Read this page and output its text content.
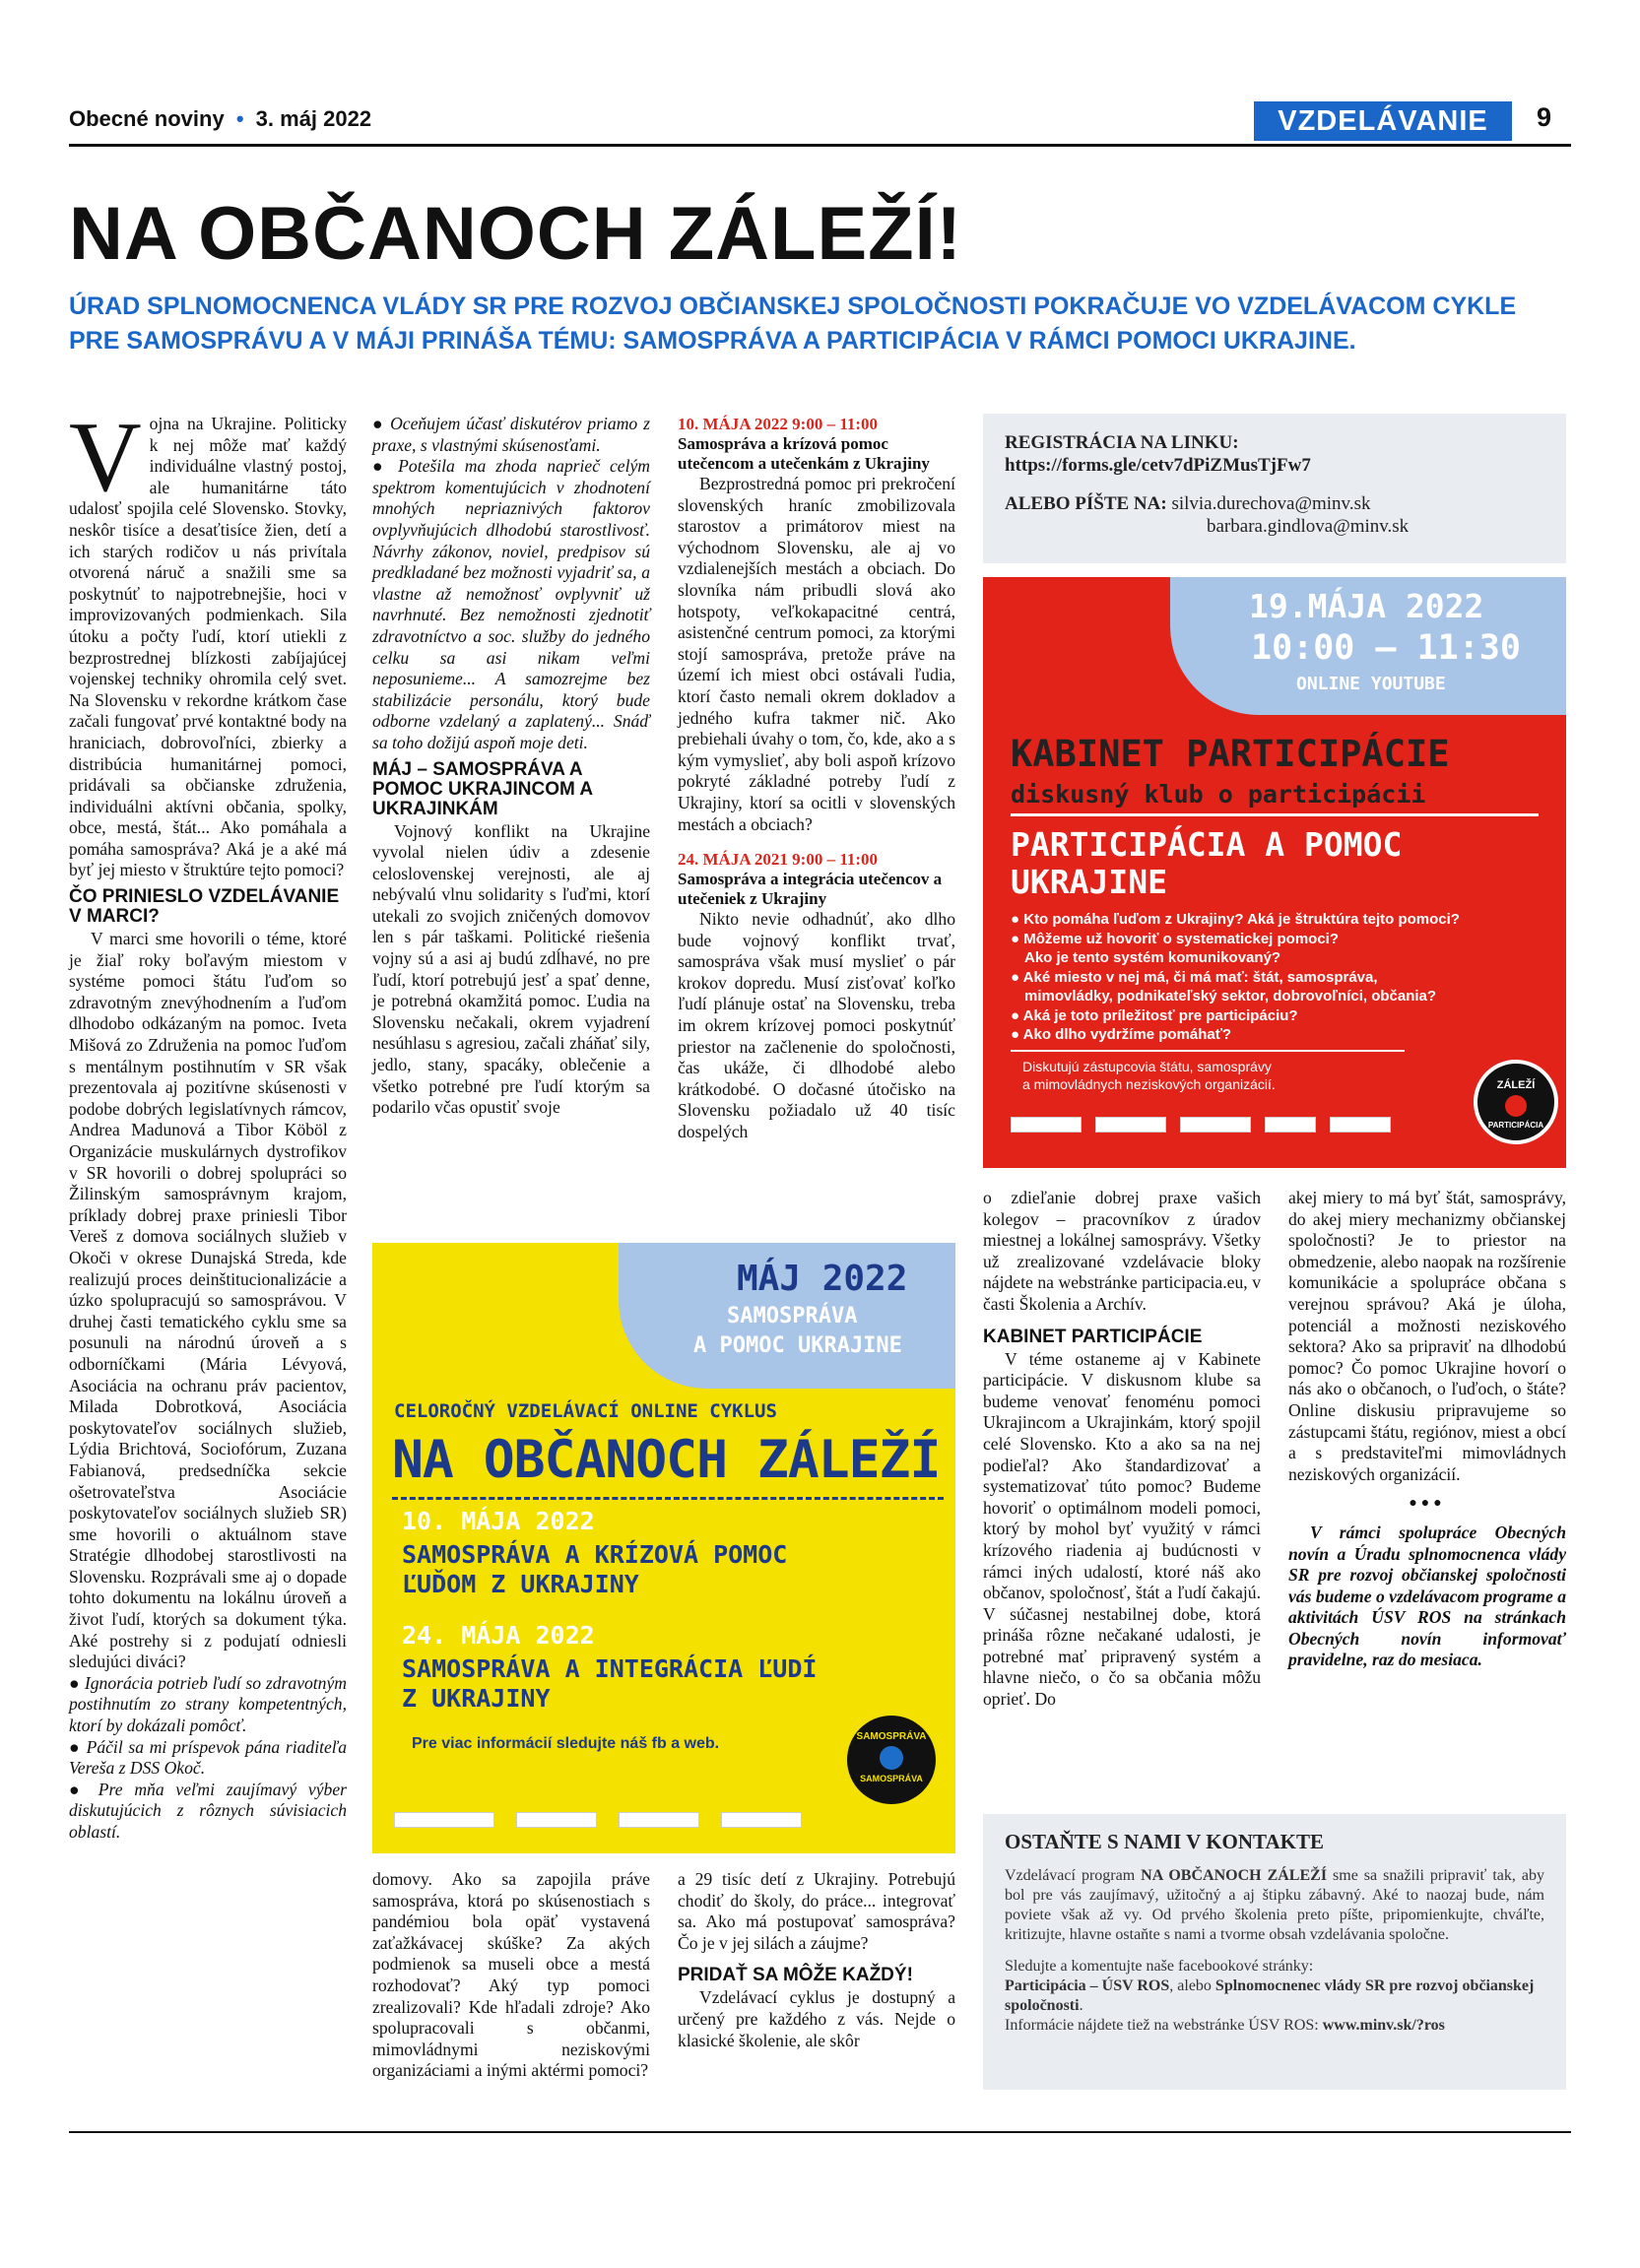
Obecné noviny • 3. máj 2022	VZDELÁVANIE	9
NA OBČANOCH ZÁLEŽÍ!
ÚRAD SPLNOMOCNENCA VLÁDY SR PRE ROZVOJ OBČIANSKEJ SPOLOČNOSTI POKRAČUJE VO VZDELÁVACOM CYKLE PRE SAMOSPRÁVU A V MÁJI PRINÁŠA TÉMU: SAMOSPRÁVA A PARTICIPÁCIA V RÁMCI POMOCI UKRAJINE.
V ojna na Ukrajine. Politicky k nej môže mať každý individuálne vlastný postoj, ale humanitárne táto udalosť spojila celé Slovensko. Stovky, neskôr tisíce a desaťtisíce žien, detí a ich starých rodičov u nás privítala otvorená náruč a snažili sme sa poskytnúť to najpotrebnejšie, hoci v improvizovaných podmienkach. Sila útoku a počty ľudí, ktorí utiekli z bezprostrednej blízkosti zabíjajúcej vojenskej techniky ohromila celý svet. Na Slovensku v rekordne krátkom čase začali fungovať prvé kontaktné body na hraniciach, dobrovoľníci, zbierky a distribúcia humanitárnej pomoci, pridávali sa občianske združenia, individuálni aktívni občania, spolky, obce, mestá, štát... Ako pomáhala a pomáha samospráva? Aká je a aké má byť jej miesto v štruktúre tejto pomoci?

ČO PRINIESLO VZDELÁVANIE V MARCI?

V marci sme hovorili o téme, ktoré je žiaľ roky boľavým miestom v systéme pomoci štátu ľuďom so zdravotným znevýhodnením a ľuďom dlhodobo odkázaným na pomoc. Iveta Mišová zo Združenia na pomoc ľuďom s mentálnym postihnutím v SR však prezentovala aj pozitívne skúsenosti v podobe dobrých legislatívnych rámcov, Andrea Madunová a Tibor Köböl z Organizácie muskulárnych dystrofikov v SR hovorili o dobrej spolupráci so Žilinským samosprávnym krajom, príklady dobrej praxe priniesli Tibor Vereš z domova sociálnych služieb v Okoči v okrese Dunajská Streda, kde realizujú proces deinštitucionalizácie a úzko spolupracujú so samosprávou. V druhej časti tematického cyklu sme sa posunuli na národnú úroveň a s odborníčkami (Mária Lévyová, Asociácia na ochranu práv pacientov, Milada Dobrotková, Asociácia poskytovateľov sociálnych služieb, Lýdia Brichtová, Sociofórum, Zuzana Fabianová, predsedníčka sekcie ošetrovateľstva Asociácie poskytovateľov sociálnych služieb SR) sme hovorili o aktuálnom stave Stratégie dlhodobej starostlivosti na Slovensku. Rozprávali sme aj o dopade tohto dokumentu na lokálnu úroveň a život ľudí, ktorých sa dokument týka. Aké postrehy si z podujatí odniesli sledujúci diváci?

● Ignorácia potrieb ľudí so zdravotným postihnutím zo strany kompetentných, ktorí by dokázali pomôcť.

● Páčil sa mi príspevok pána riaditeľa Vereša z DSS Okoč.

● Pre mňa veľmi zaujímavý výber diskutujúcich z rôznych súvisiacich oblastí.

● Oceňujem účasť diskutérov priamo z praxe, s vlastnými skúsenosťami.

● Potešila ma zhoda naprieč celým spektrom komentujúcich v zhodnotení mnohých nepriaznivých faktorov ovplyvňujúcich dlhodobú starostlivosť. Návrhy zákonov, noviel, predpisov sú predkladané bez možnosti vyjadriť sa, a vlastne až nemožnosť ovplyvniť už navrhnuté. Bez nemožnosti zjednotiť zdravotníctvo a soc. služby do jedného celku sa asi nikam veľmi neposunieme... A samozrejme bez stabilizácie personálu, ktorý bude odborne vzdelaný a zaplatený... Snáď sa toho dožijú aspoň moje deti.

MÁJ – SAMOSPRÁVA A POMOC UKRAJINCOM A UKRAJINKÁM

Vojnový konflikt na Ukrajine vyvolal nielen údiv a zdesenie celoslovenskej verejnosti, ale aj nebývalú vlnu solidarity s ľuďmi, ktorí utekali zo svojich zničených domovov len s pár taškami. Politické riešenia vojny sú a asi aj budú zdĺhavé, no pre ľudí, ktorí potrebujú jesť a spať denne, je potrebná okamžitá pomoc. Ľudia na Slovensku nečakali, okrem vyjadrení nesúhlasu s agresiou, začali zháňať sily, jedlo, stany, spacáky, oblečenie a všetko potrebné pre ľudí ktorým sa podarilo včas opustiť svoje

domovy. Ako sa zapojila práve samospráva, ktorá po skúsenostiach s pandémiou bola opäť vystavená zaťažkávacej skúške? Za akých podmienok sa museli obce a mestá rozhodovať? Aký typ pomoci zrealizovali? Kde hľadali zdroje? Ako spolupracovali s občanmi, mimovládnymi neziskovými organizáciami a inými aktérmi pomoci?

10. MÁJA 2022 9:00 – 11:00
Samospráva a krízová pomoc utečencom a utečenkám z Ukrajiny

Bezprostredná pomoc pri prekročení slovenských hraníc zmobilizovala starostov a primátorov miest na východnom Slovensku, ale aj vo vzdialenejších mestách a obciach. Do slovníka nám pribudli slová ako hotspoty, veľkokapacitné centrá, asistenčné centrum pomoci, za ktorými stojí samospráva, pretože práve na území ich miest obci ostávali ľudia, ktorí často nemali okrem dokladov a jedného kufra takmer nič. Ako prebiehali úvahy o tom, čo, kde, ako a s kým vymyslieť, aby boli aspoň krízovo pokryté základné potreby ľudí z Ukrajiny, ktorí sa ocitli v slovenských mestách a obciach?

24. MÁJA 2021 9:00 – 11:00
Samospráva a integrácia utečencov a utečeniek z Ukrajiny

Nikto nevie odhadnúť, ako dlho bude vojnový konflikt trvať, samospráva však musí myslieť o pár krokov dopredu. Musí zisťovať koľko ľudí plánuje ostať na Slovensku, treba im okrem krízovej pomoci poskytnúť priestor na začlenenie do spoločnosti, čas ukáže, či dlhodobé alebo krátkodobé. O dočasné útočisko na Slovensku požiadalo už 40 tisíc dospelých

a 29 tisíc detí z Ukrajiny. Potrebujú chodiť do školy, do práce... integrovať sa. Ako má postupovať samospráva? Čo je v jej silách a záujme?

PRIDAŤ SA MÔŽE KAŽDÝ!

Vzdelávací cyklus je dostupný a určený pre každého z vás. Nejde o klasické školenie, ale skôr

REGISTRÁCIA NA LINKU:
https://forms.gle/cetv7dPiZMusTjFw7
ALEBO PÍŠTE NA: silvia.durechova@minv.sk
barbara.gindlova@minv.sk
19.MÁJA 2022
10:00 – 11:30
ONLINE YOUTUBE
KABINET PARTICIPÁCIE
diskusný klub o participácii
PARTICIPÁCIA A POMOC
UKRAJINE
● Kto pomáha ľuďom z Ukrajiny? Aká je štruktúra tejto pomoci?
● Môžeme už hovoriť o systematickej pomoci?
Ako je tento systém komunikovaný?
● Aké miesto v nej má, či má mať: štát, samospráva,
mimovládky, podnikateľský sektor, dobrovoľníci, občania?
● Aká je toto príležitosť pre participáciu?
● Ako dlho vydržíme pomáhať?
Diskutujú zástupcovia štátu, samosprávy
a mimovládnych neziskových organizácií.
	ZÁLEŽÍ
PARTICIPÁCIA
MÁJ 2022
SAMOSPRÁVA
A POMOC UKRAJINE
CELOROČNÝ VZDELÁVACÍ ONLINE CYKLUS
NA OBČANOCH ZÁLEŽÍ
10. MÁJA 2022
SAMOSPRÁVA A KRÍZOVÁ POMOC
ĽUĎOM Z UKRAJINY
24. MÁJA 2022
SAMOSPRÁVA A INTEGRÁCIA ĽUDÍ
Z UKRAJINY
Pre viac informácií sledujte náš fb a web.	SAMOSPRÁVA
SAMOSPRÁVA

o zdieľanie dobrej praxe vašich kolegov – pracovníkov z úradov miestnej a lokálnej samosprávy. Všetky už zrealizované vzdelávacie bloky nájdete na webstránke participacia.eu, v časti Školenia a Archív.

KABINET PARTICIPÁCIE

V téme ostaneme aj v Kabinete participácie. V diskusnom klube sa budeme venovať fenoménu pomoci Ukrajincom a Ukrajinkám, ktorý spojil celé Slovensko. Kto a ako sa na nej podieľal? Ako štandardizovať a systematizovať túto pomoc? Budeme hovoriť o optimálnom modeli pomoci, ktorý by mohol byť využitý v rámci krízového riadenia aj budúcnosti v rámci iných udalostí, ktoré náš ako občanov, spoločnosť, štát a ľudí čakajú. V súčasnej nestabilnej dobe, ktorá prináša rôzne nečakané udalosti, je potrebné mať pripravený systém a hlavne niečo, o čo sa občania môžu oprieť. Do

akej miery to má byť štát, samosprávy, do akej miery mechanizmy občianskej spoločnosti? Je to priestor na obmedzenie, alebo naopak na rozšírenie komunikácie a spolupráce občana s verejnou správou? Aká je úloha, potenciál a možnosti neziskového sektora? Ako sa pripraviť na dlhodobú pomoc? Čo pomoc Ukrajine hovorí o nás ako o občanoch, o ľuďoch, o štáte? Online diskusiu pripravujeme so zástupcami štátu, regiónov, miest a obcí a s predstaviteľmi mimovládnych neziskových organizácií.

●●●

V rámci spolupráce Obecných novín a Úradu splnomocnenca vlády SR pre rozvoj občianskej spoločnosti vás budeme o vzdelávacom programe a aktivitách ÚSV ROS na stránkach Obecných novín informovať pravidelne, raz do mesiaca.

OSTAŇTE S NAMI V KONTAKTE
Vzdelávací program NA OBČANOCH ZÁLEŽÍ sme sa snažili pripraviť tak, aby bol pre vás zaujímavý, užitočný a aj štipku zábavný. Aké to naozaj bude, nám poviete však až vy. Od prvého školenia preto píšte, pripomienkujte, chváľte, kritizujte, hlavne ostaňte s nami a tvorme obsah vzdelávania spoločne.
Sledujte a komentujte naše facebookové stránky:
Participácia – ÚSV ROS, alebo Splnomocnenec vlády SR pre rozvoj občianskej spoločnosti.
Informácie nájdete tiež na webstránke ÚSV ROS: www.minv.sk/?ros
